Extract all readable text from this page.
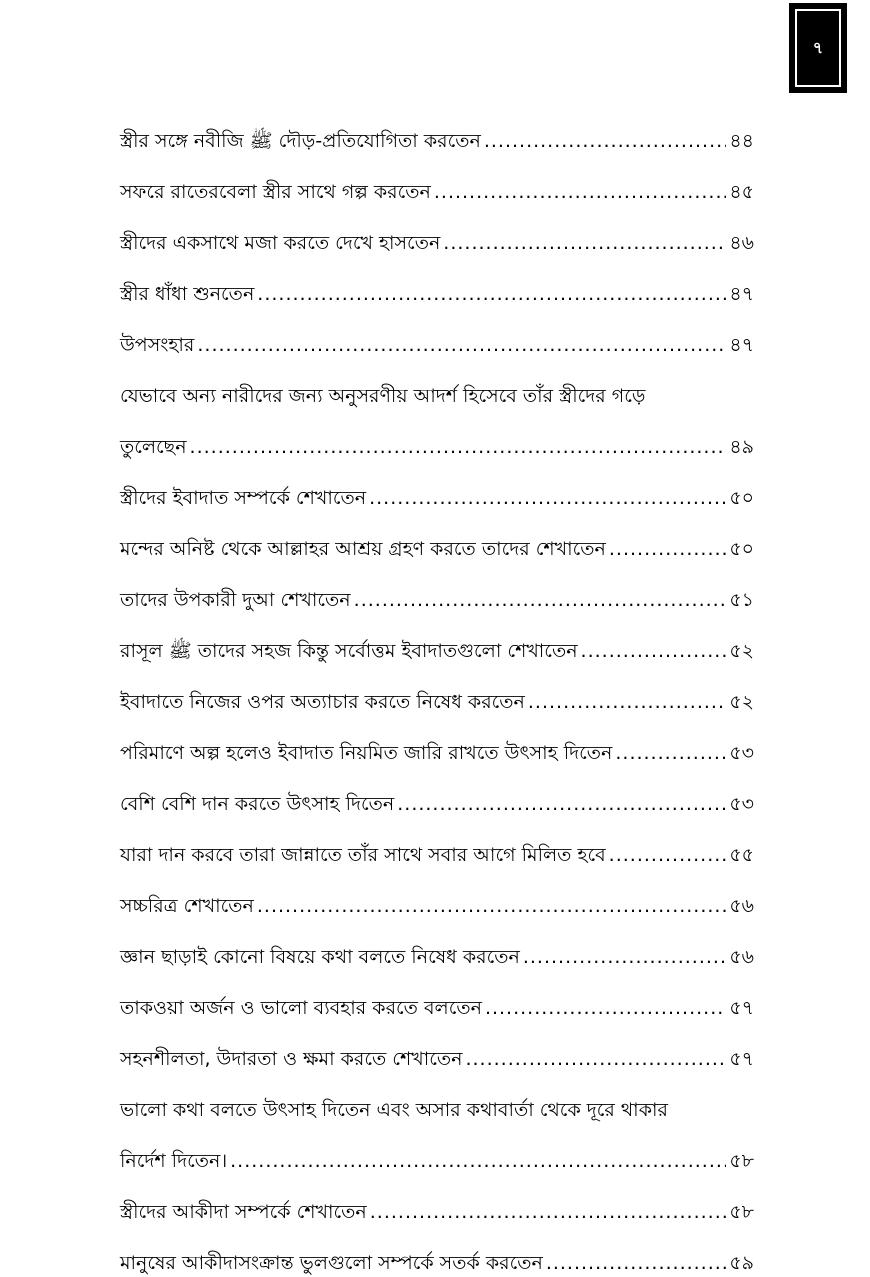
৭
স্ত্রীর সঙ্গে নবীজি ﷺ দৌড়-প্রতিযোগিতা করতেন .....	৪৪
সফরে রাতেরবেলা স্ত্রীর সাথে গল্প করতেন .....	৪৫
স্ত্রীদের একসাথে মজা করতে দেখে হাসতেন .....	৪৬
স্ত্রীর ধাঁধা শুনতেন .....	৪৭
উপসংহার .....	৪৭
যেভাবে অন্য নারীদের জন্য অনুসরণীয় আদর্শ হিসেবে তাঁর স্ত্রীদের গড়ে
তুলেছেন .....	৪৯
স্ত্রীদের ইবাদাত সম্পর্কে শেখাতেন .....	৫০
মন্দের অনিষ্ট থেকে আল্লাহর আশ্রয় গ্রহণ করতে তাদের শেখাতেন .....	৫০
তাদের উপকারী দুআ শেখাতেন .....	৫১
রাসূল ﷺ তাদের সহজ কিন্তু সর্বোত্তম ইবাদাতগুলো শেখাতেন .....	৫২
ইবাদাতে নিজের ওপর অত্যাচার করতে নিষেধ করতেন .....	৫২
পরিমাণে অল্প হলেও ইবাদাত নিয়মিত জারি রাখতে উৎসাহ দিতেন .....	৫৩
বেশি বেশি দান করতে উৎসাহ দিতেন .....	৫৩
যারা দান করবে তারা জান্নাতে তাঁর সাথে সবার আগে মিলিত হবে .....	৫৫
সচ্চরিত্র শেখাতেন .....	৫৬
জ্ঞান ছাড়াই কোনো বিষয়ে কথা বলতে নিষেধ করতেন .....	৫৬
তাকওয়া অর্জন ও ভালো ব্যবহার করতে বলতেন .....	৫৭
সহনশীলতা, উদারতা ও ক্ষমা করতে শেখাতেন .....	৫৭
ভালো কথা বলতে উৎসাহ দিতেন এবং অসার কথাবার্তা থেকে দূরে থাকার
নির্দেশ দিতেন। .....	৫৮
স্ত্রীদের আকীদা সম্পর্কে শেখাতেন .....	৫৮
মানুষের আকীদাসংক্রান্ত ভুলগুলো সম্পর্কে সতর্ক করতেন .....	৫৯
